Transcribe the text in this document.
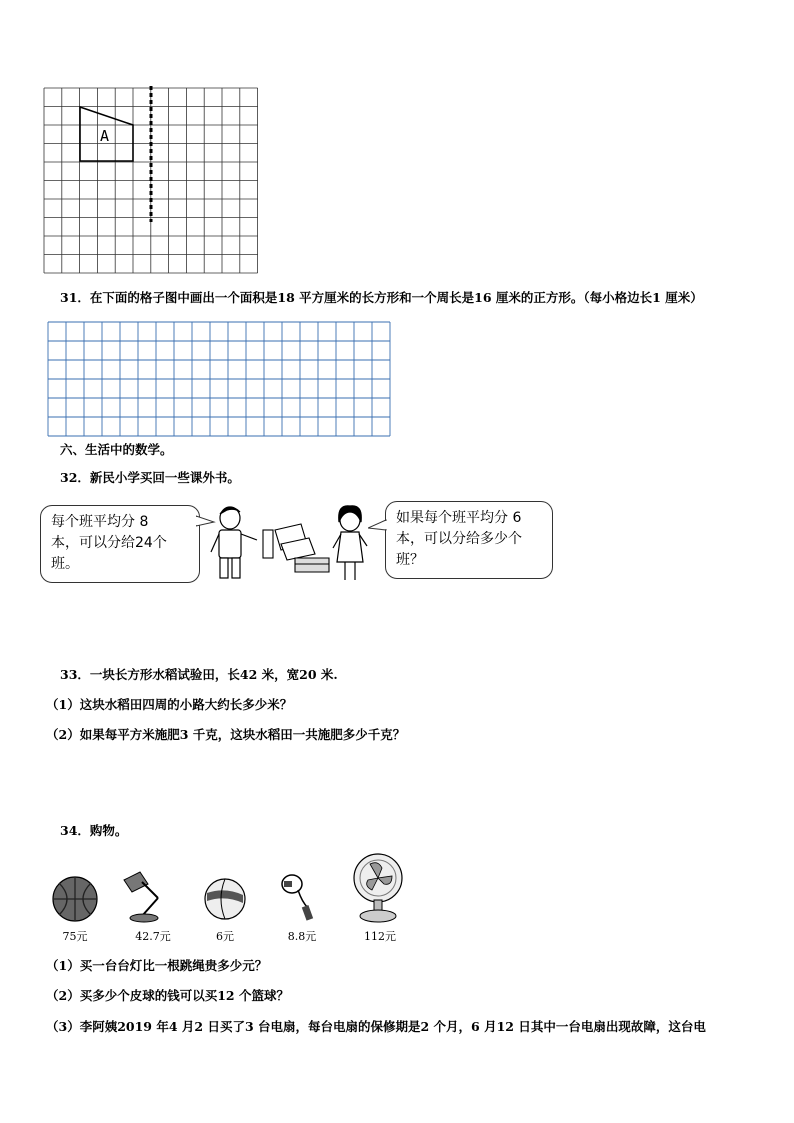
A
31．在下面的格子图中画出一个面积是18 平方厘米的长方形和一个周长是16 厘米的正方形。（每小格边长1 厘米）
六、生活中的数学。
32．新民小学买回一些课外书。
每个班平均分 8
本，可以分给24个
班。
如果每个班平均分 6
本，可以分给多少个
班？
33．一块长方形水稻试验田，长42 米，宽20 米.
（1）这块水稻田四周的小路大约长多少米？
（2）如果每平方米施肥3 千克，这块水稻田一共施肥多少千克？
34．购物。
75元	42.7元	6元	8.8元	112元
（1）买一台台灯比一根跳绳贵多少元？
（2）买多少个皮球的钱可以买12 个篮球？
（3）李阿姨2019 年4 月2 日买了3 台电扇，每台电扇的保修期是2 个月，6 月12 日其中一台电扇出现故障，这台电
